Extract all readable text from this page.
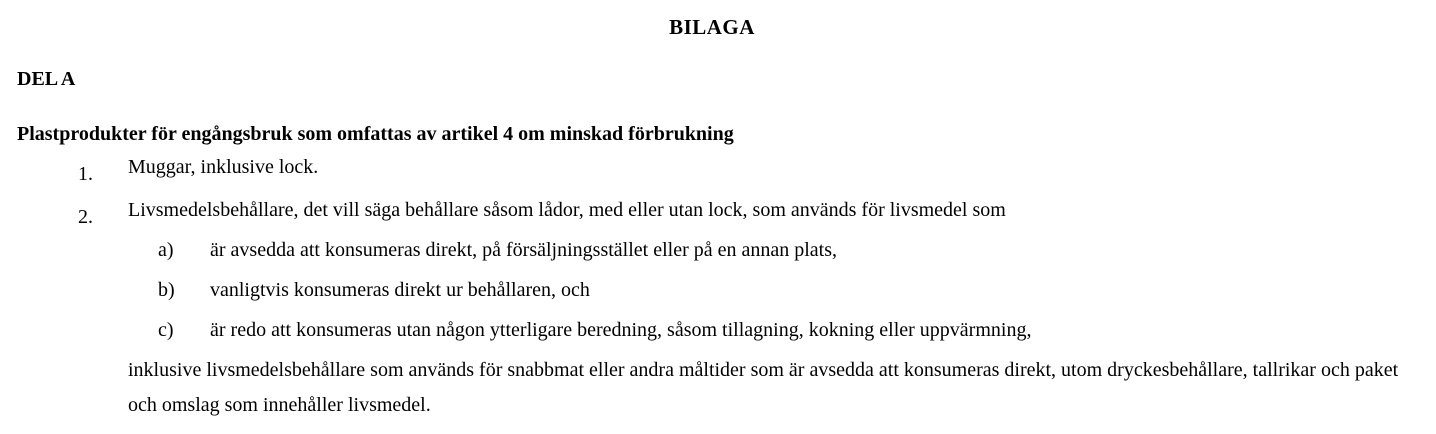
BILAGA
DEL A
Plastprodukter för engångsbruk som omfattas av artikel 4 om minskad förbrukning
1.	Muggar, inklusive lock.
2.	Livsmedelsbehållare, det vill säga behållare såsom lådor, med eller utan lock, som används för livsmedel som
a)	är avsedda att konsumeras direkt, på försäljningsstället eller på en annan plats,
b)	vanligtvis konsumeras direkt ur behållaren, och
c)	är redo att konsumeras utan någon ytterligare beredning, såsom tillagning, kokning eller uppvärmning,
inklusive livsmedelsbehållare som används för snabbmat eller andra måltider som är avsedda att konsumeras direkt, utom dryckesbehållare, tallrikar och paket och omslag som innehåller livsmedel.
